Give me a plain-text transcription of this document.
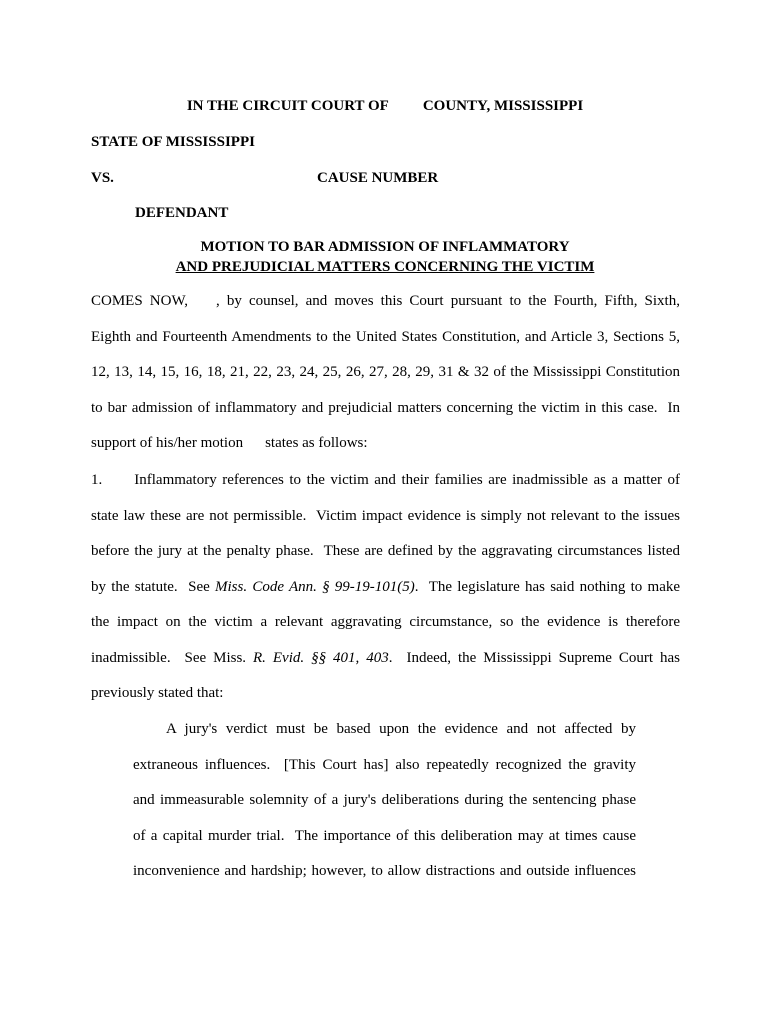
IN THE CIRCUIT COURT OF COUNTY, MISSISSIPPI
STATE OF MISSISSIPPI
VS.	CAUSE NUMBER
DEFENDANT
MOTION TO BAR ADMISSION OF INFLAMMATORY
AND PREJUDICIAL MATTERS CONCERNING THE VICTIM
COMES NOW, , by counsel, and moves this Court pursuant to the Fourth, Fifth, Sixth,
Eighth and Fourteenth Amendments to the United States Constitution, and Article 3, Sections 5,
12, 13, 14, 15, 16, 18, 21, 22, 23, 24, 25, 26, 27, 28, 29, 31 & 32 of the Mississippi Constitution
to bar admission of inflammatory and prejudicial matters concerning the victim in this case.  In
support of his/her motion states as follows:
1. Inflammatory references to the victim and their families are inadmissible as a matter of
state law these are not permissible.  Victim impact evidence is simply not relevant to the issues
before the jury at the penalty phase.  These are defined by the aggravating circumstances listed
by the statute.  See Miss. Code Ann. § 99-19-101(5).  The legislature has said nothing to make
the impact on the victim a relevant aggravating circumstance, so the evidence is therefore
inadmissible.  See Miss. R. Evid. §§ 401, 403.  Indeed, the Mississippi Supreme Court has
previously stated that:
A jury's verdict must be based upon the evidence and not affected by
extraneous influences.  [This Court has] also repeatedly recognized the gravity
and immeasurable solemnity of a jury's deliberations during the sentencing phase
of a capital murder trial.  The importance of this deliberation may at times cause
inconvenience and hardship; however, to allow distractions and outside influences
